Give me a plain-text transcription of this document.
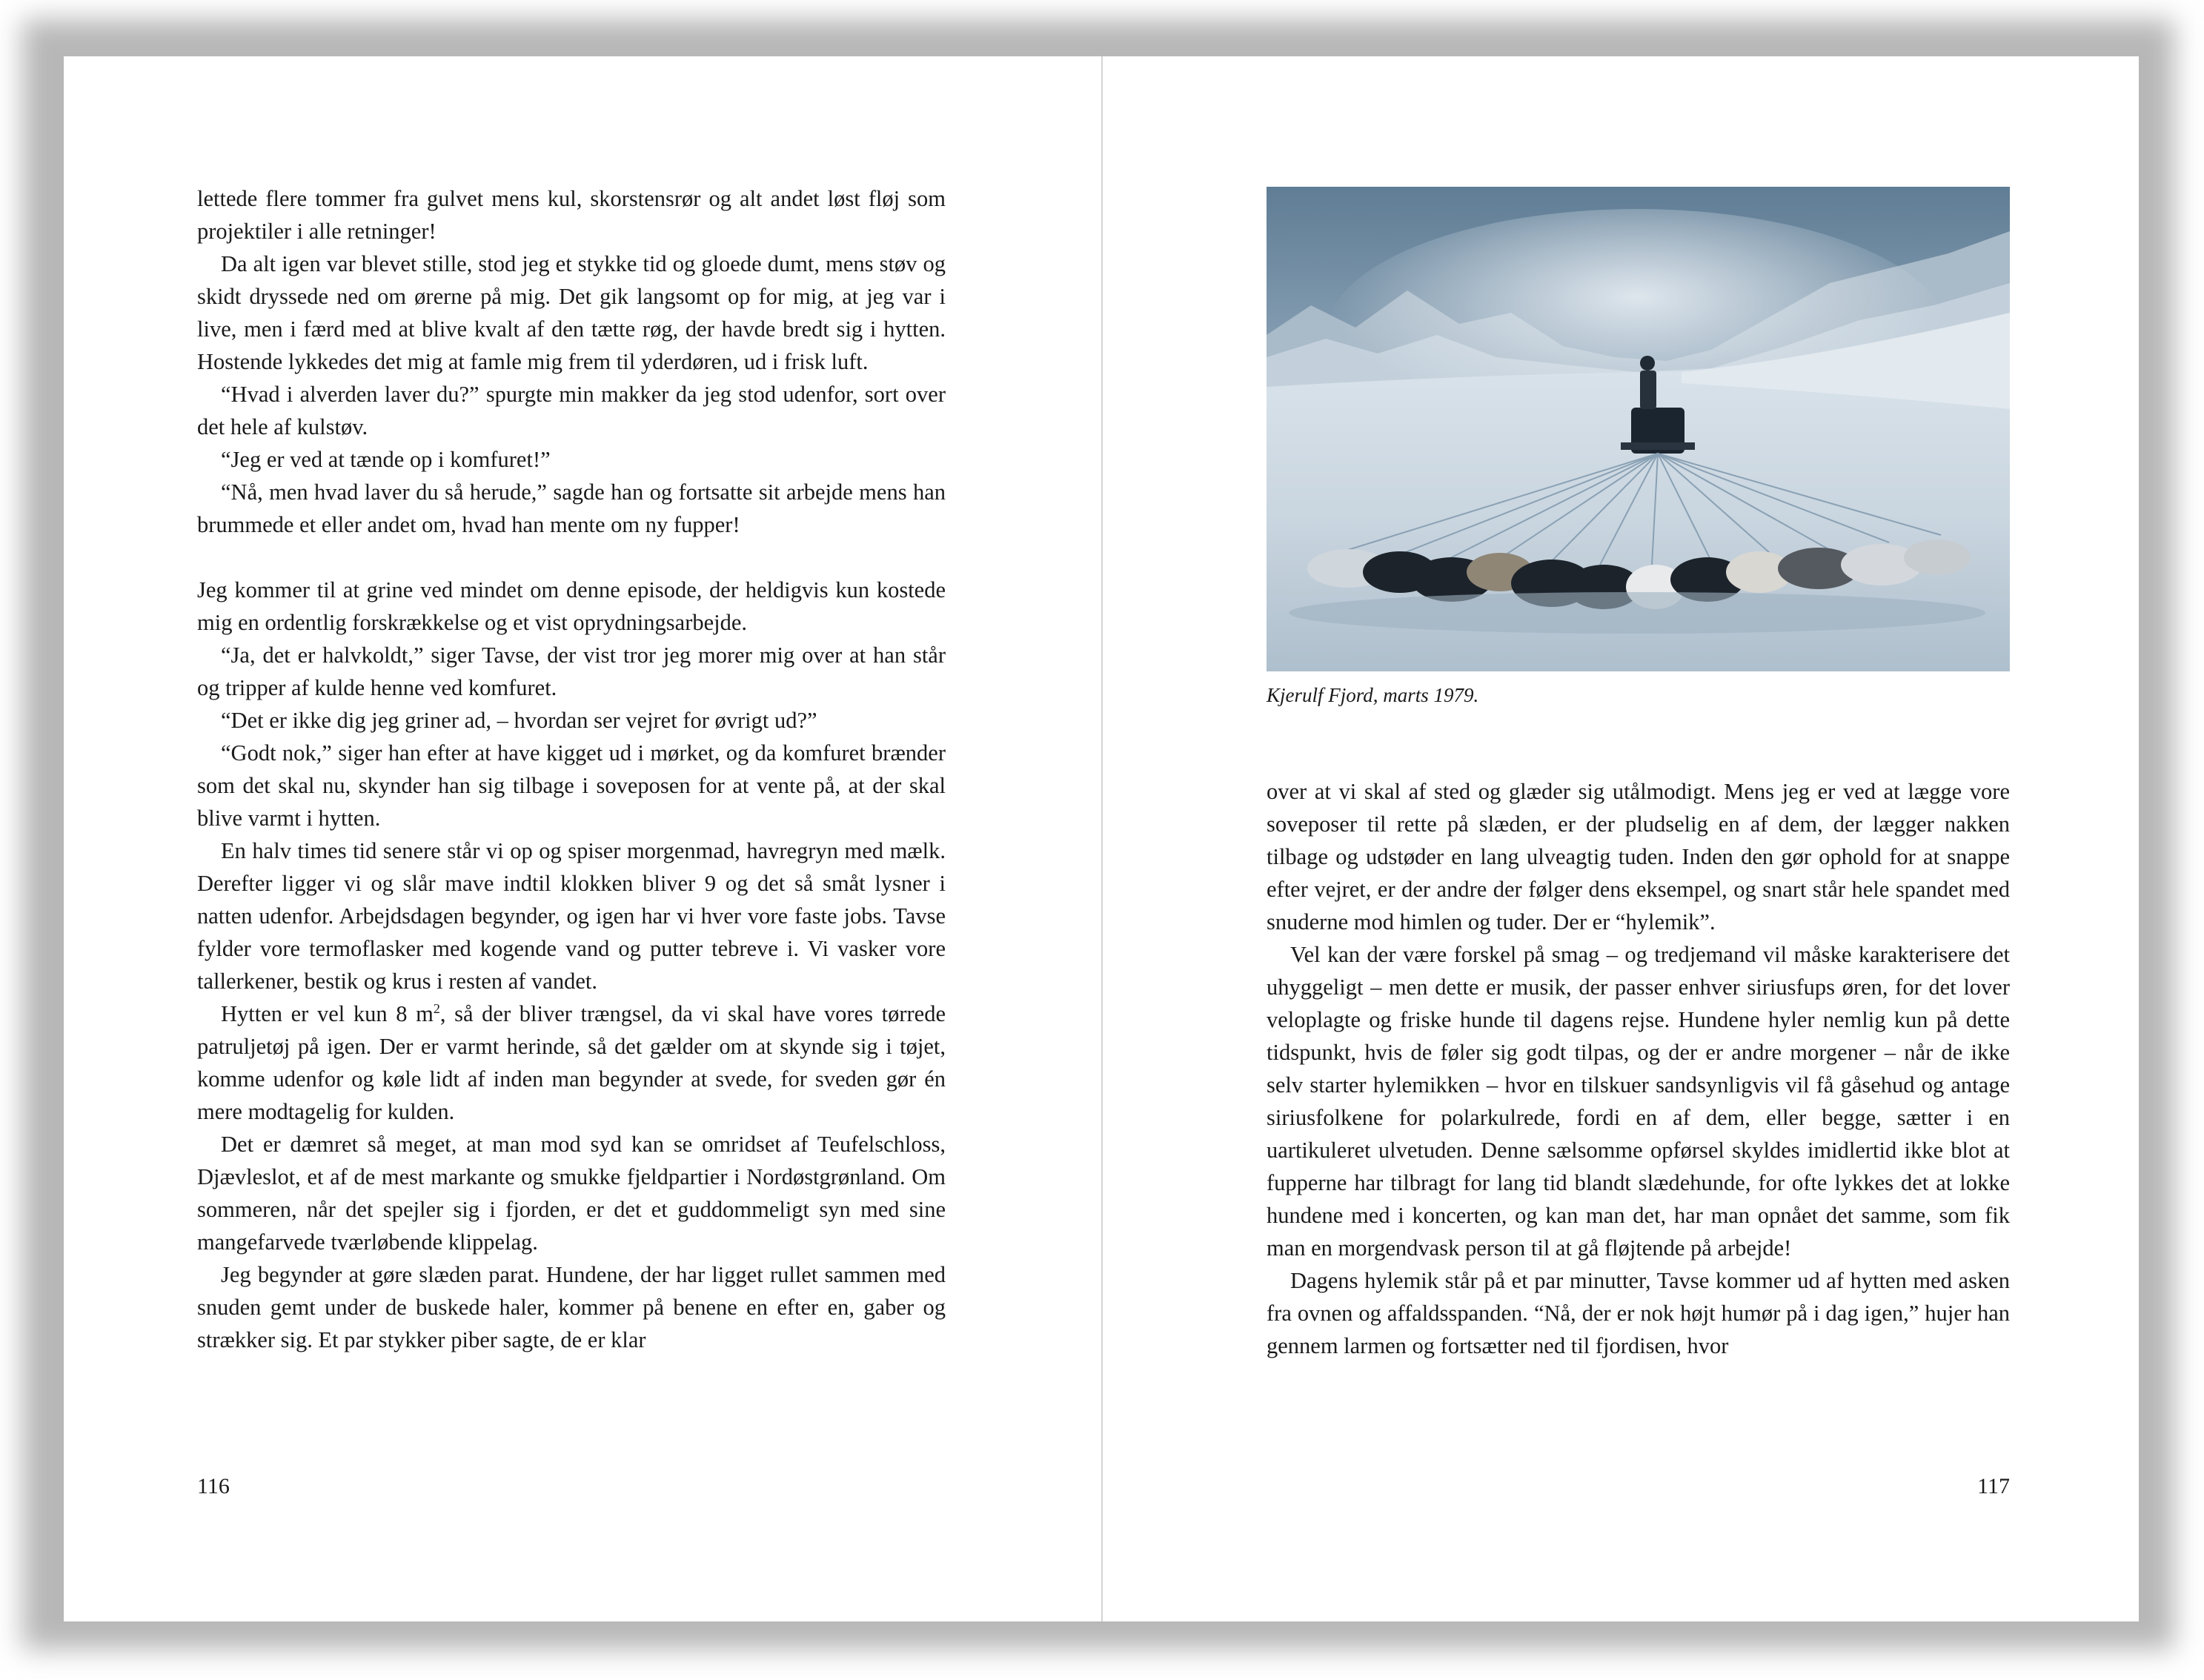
lettede flere tommer fra gulvet mens kul, skorstensrør og alt andet løst fløj som projektiler i alle retninger!

Da alt igen var blevet stille, stod jeg et stykke tid og gloede dumt, mens støv og skidt dryssede ned om ørerne på mig. Det gik langsomt op for mig, at jeg var i live, men i færd med at blive kvalt af den tætte røg, der havde bredt sig i hytten. Hostende lykkedes det mig at famle mig frem til yderdøren, ud i frisk luft.

“Hvad i alverden laver du?” spurgte min makker da jeg stod udenfor, sort over det hele af kulstøv.

“Jeg er ved at tænde op i komfuret!”

“Nå, men hvad laver du så herude,” sagde han og fortsatte sit arbejde mens han brummede et eller andet om, hvad han mente om ny fupper!

Jeg kommer til at grine ved mindet om denne episode, der heldigvis kun kostede mig en ordentlig forskrækkelse og et vist oprydningsarbejde.

“Ja, det er halvkoldt,” siger Tavse, der vist tror jeg morer mig over at han står og tripper af kulde henne ved komfuret.

“Det er ikke dig jeg griner ad, – hvordan ser vejret for øvrigt ud?”

“Godt nok,” siger han efter at have kigget ud i mørket, og da komfuret brænder som det skal nu, skynder han sig tilbage i soveposen for at vente på, at der skal blive varmt i hytten.

En halv times tid senere står vi op og spiser morgenmad, havregryn med mælk. Derefter ligger vi og slår mave indtil klokken bliver 9 og det så småt lysner i natten udenfor. Arbejdsdagen begynder, og igen har vi hver vore faste jobs. Tavse fylder vore termoflasker med kogende vand og putter tebreve i. Vi vasker vore tallerkener, bestik og krus i resten af vandet.

Hytten er vel kun 8 $m^2$, så der bliver trængsel, da vi skal have vores tørrede patruljetøj på igen. Der er varmt herinde, så det gælder om at skynde sig i tøjet, komme udenfor og køle lidt af inden man begynder at svede, for sveden gør én mere modtagelig for kulden.

Det er dæmret så meget, at man mod syd kan se omridset af Teufelschloss, Djævleslot, et af de mest markante og smukke fjeldpartier i Nordøstgrønland. Om sommeren, når det spejler sig i fjorden, er det et guddommeligt syn med sine mangefarvede tværløbende klippelag.

Jeg begynder at gøre slæden parat. Hundene, der har ligget rullet sammen med snuden gemt under de buskede haler, kommer på benene en efter en, gaber og strækker sig. Et par stykker piber sagte, de er klar

116
Kjerulf Fjord, marts 1979.

over at vi skal af sted og glæder sig utålmodigt. Mens jeg er ved at lægge vore soveposer til rette på slæden, er der pludselig en af dem, der lægger nakken tilbage og udstøder en lang ulveagtig tuden. Inden den gør ophold for at snappe efter vejret, er der andre der følger dens eksempel, og snart står hele spandet med snuderne mod himlen og tuder. Der er “hylemik”.

Vel kan der være forskel på smag – og tredjemand vil måske karakterisere det uhyggeligt – men dette er musik, der passer enhver siriusfups øren, for det lover veloplagte og friske hunde til dagens rejse. Hundene hyler nemlig kun på dette tidspunkt, hvis de føler sig godt tilpas, og der er andre morgener – når de ikke selv starter hylemikken – hvor en tilskuer sandsynligvis vil få gåsehud og antage siriusfolkene for polarkulrede, fordi en af dem, eller begge, sætter i en uartikuleret ulvetuden. Denne sælsomme opførsel skyldes imidlertid ikke blot at fupperne har tilbragt for lang tid blandt slædehunde, for ofte lykkes det at lokke hundene med i koncerten, og kan man det, har man opnået det samme, som fik man en morgendvask person til at gå fløjtende på arbejde!

Dagens hylemik står på et par minutter, Tavse kommer ud af hytten med asken fra ovnen og affaldsspanden. “Nå, der er nok højt humør på i dag igen,” hujer han gennem larmen og fortsætter ned til fjordisen, hvor

117
